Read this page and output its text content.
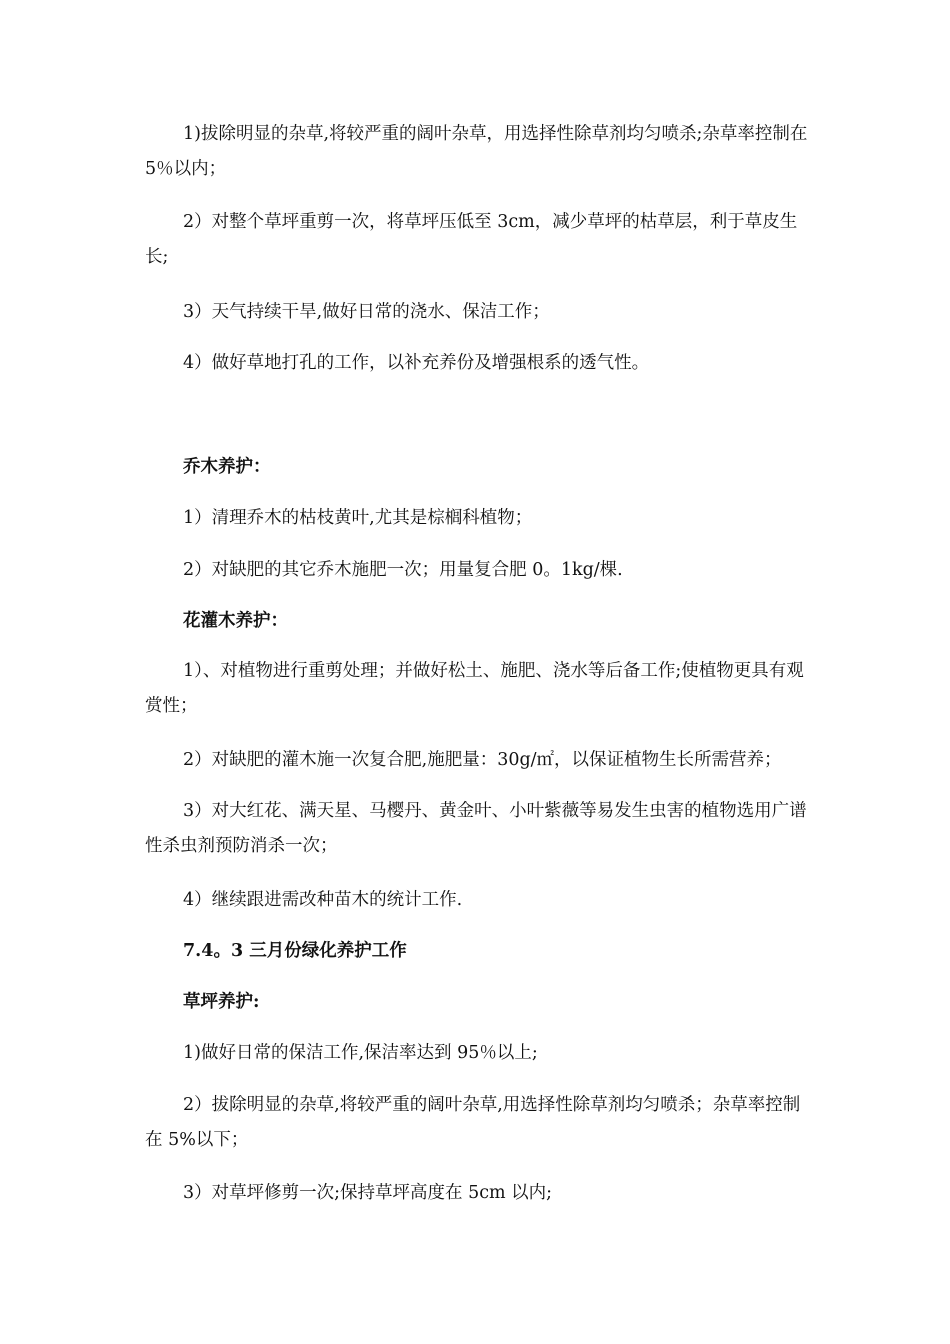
1)拔除明显的杂草,将较严重的阔叶杂草，用选择性除草剂均匀喷杀;杂草率控制在 5％以内；

2）对整个草坪重剪一次，将草坪压低至 3cm，减少草坪的枯草层，利于草皮生长;

3）天气持续干旱,做好日常的浇水、保洁工作；

4）做好草地打孔的工作，以补充养份及增强根系的透气性。

乔木养护：

1）清理乔木的枯枝黄叶,尤其是棕榈科植物；

2）对缺肥的其它乔木施肥一次；用量复合肥 0。1kg/棵.

花灌木养护：

1）、对植物进行重剪处理；并做好松土、施肥、浇水等后备工作;使植物更具有观赏性；

2）对缺肥的灌木施一次复合肥,施肥量：30g/㎡，以保证植物生长所需营养；

3）对大红花、满天星、马樱丹、黄金叶、小叶紫薇等易发生虫害的植物选用广谱性杀虫剂预防消杀一次；

4）继续跟进需改种苗木的统计工作.

7.4。3 三月份绿化养护工作

草坪养护:

1)做好日常的保洁工作,保洁率达到 95％以上;

2）拔除明显的杂草,将较严重的阔叶杂草,用选择性除草剂均匀喷杀；杂草率控制在 5%以下；

3）对草坪修剪一次;保持草坪高度在 5cm 以内;
